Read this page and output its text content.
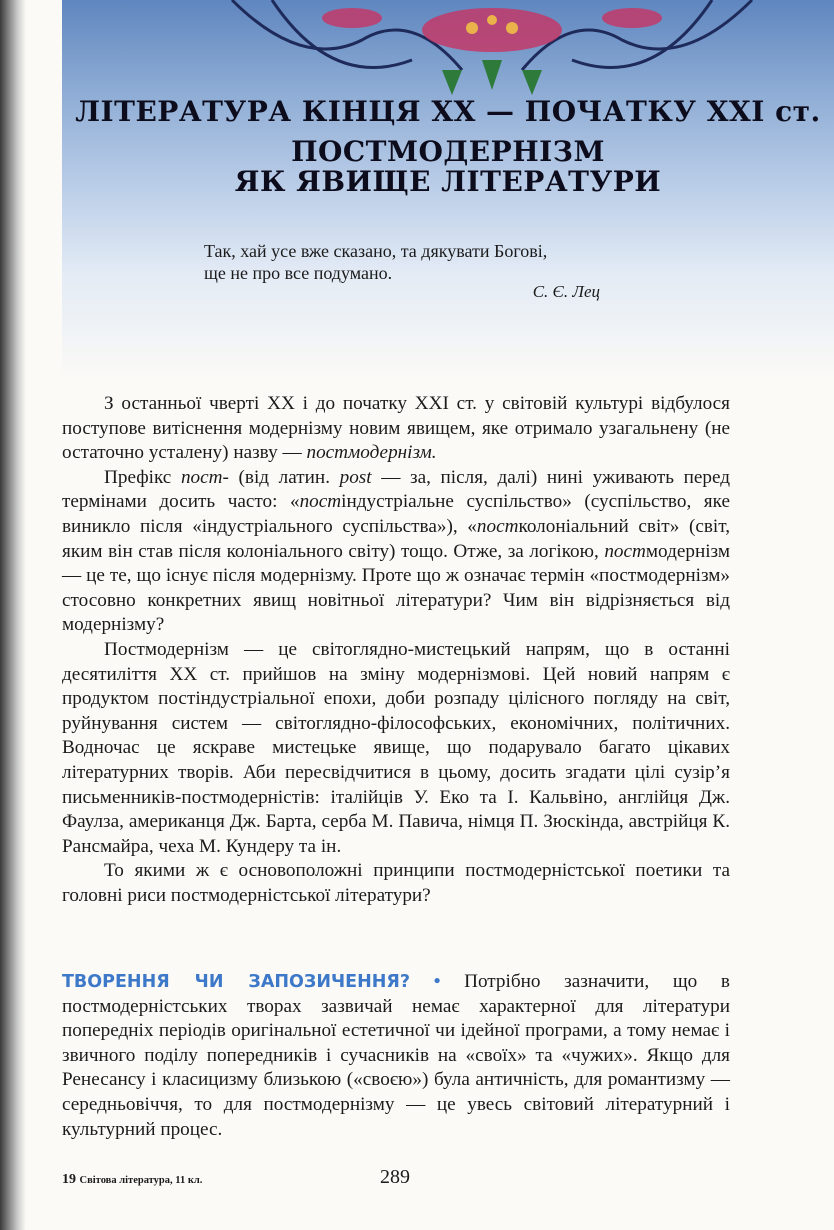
ЛІТЕРАТУРА КІНЦЯ ХХ — ПОЧАТКУ ХХІ ст.
ПОСТМОДЕРНІЗМ
ЯК ЯВИЩЕ ЛІТЕРАТУРИ
Так, хай усе вже сказано, та дякувати Богові,
ще не про все подумано.
С. Є. Лец

З останньої чверті ХХ і до початку ХХІ ст. у світовій культурі відбулося поступове витіснення модернізму новим явищем, яке отримало узагальнену (не остаточно усталену) назву — постмодернізм.

Префікс пост- (від латин. post — за, після, далі) нині уживають перед термінами досить часто: «постіндустріальне суспільство» (суспільство, яке виникло після «індустріального суспільства»), «постколоніальний світ» (світ, яким він став після колоніального світу) тощо. Отже, за логікою, постмодернізм — це те, що існує після модернізму. Проте що ж означає термін «постмодернізм» стосовно конкретних явищ новітньої літератури? Чим він відрізняється від модернізму?

Постмодернізм — це світоглядно-мистецький напрям, що в останні десятиліття ХХ ст. прийшов на зміну модернізмові. Цей новий напрям є продуктом постіндустріальної епохи, доби розпаду цілісного погляду на світ, руйнування систем — світоглядно-філософських, економічних, політичних. Водночас це яскраве мистецьке явище, що подарувало багато цікавих літературних творів. Аби пересвідчитися в цьому, досить згадати цілі сузір’я письменників-постмодерністів: італійців У. Еко та І. Кальвіно, англійця Дж. Фаулза, американця Дж. Барта, серба М. Павича, німця П. Зюскінда, австрійця К. Рансмайра, чеха М. Кундеру та ін.

То якими ж є основоположні принципи постмодерністської поетики та головні риси постмодерністської літератури?

ТВОРЕННЯ ЧИ ЗАПОЗИЧЕННЯ? • Потрібно зазначити, що в постмодерністських творах зазвичай немає характерної для літератури попередніх періодів оригінальної естетичної чи ідейної програми, а тому немає і звичного поділу попередників і сучасників на «своїх» та «чужих». Якщо для Ренесансу і класицизму близькою («своєю») була античність, для романтизму — середньовіччя, то для постмодернізму — це увесь світовий літературний і культурний процес.
19 Світова література, 11 кл.	289
